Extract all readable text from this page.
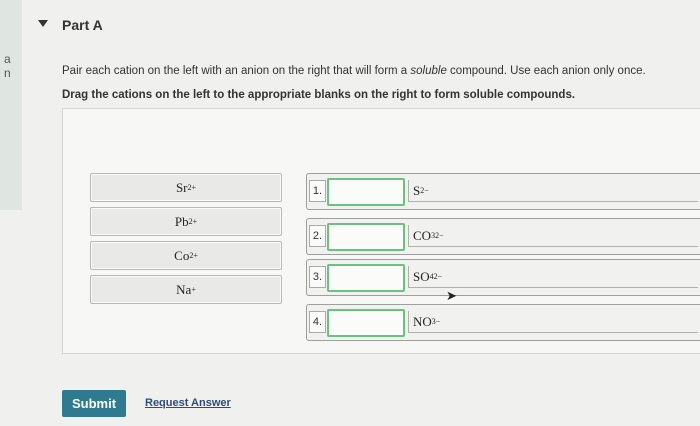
a
n
Part A
Pair each cation on the left with an anion on the right that will form a soluble compound. Use each anion only once.
Drag the cations on the left to the appropriate blanks on the right to form soluble compounds.
Sr 2+
Pb 2+
Co 2+
Na +
1.	S 2−
2.	CO 3 2−
3.	SO 4 2−
4.	NO 3 −
➤
Submit	Request Answer
